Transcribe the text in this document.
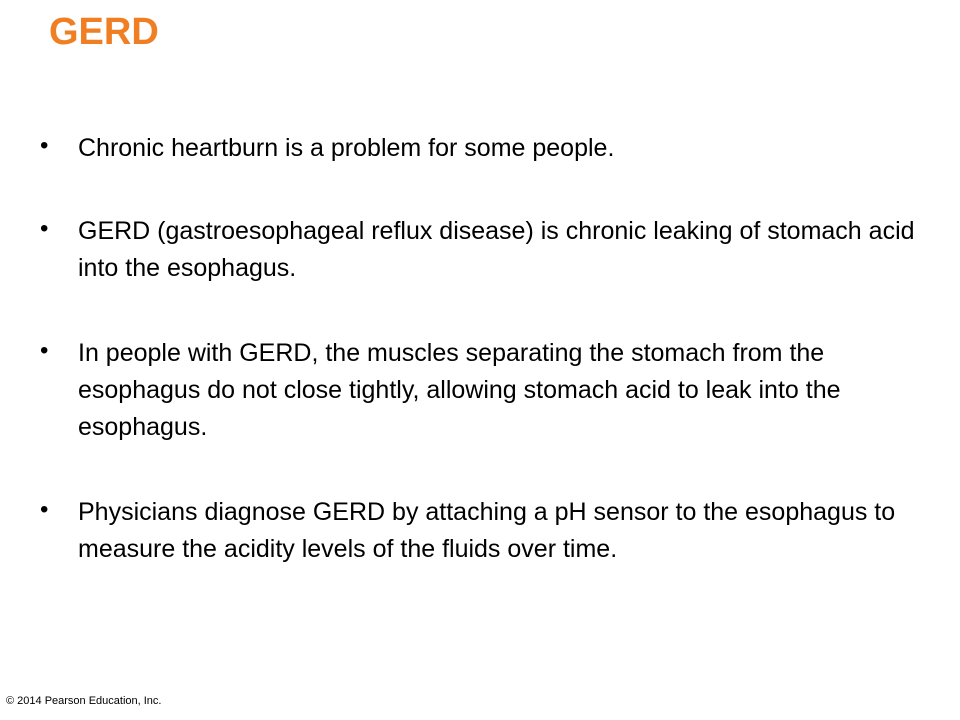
GERD
• Chronic heartburn is a problem for some people.
• GERD (gastroesophageal reflux disease) is chronic leaking of stomach acid into the esophagus.
• In people with GERD, the muscles separating the stomach from the esophagus do not close tightly, allowing stomach acid to leak into the esophagus.
• Physicians diagnose GERD by attaching a pH sensor to the esophagus to measure the acidity levels of the fluids over time.
© 2014 Pearson Education, Inc.
